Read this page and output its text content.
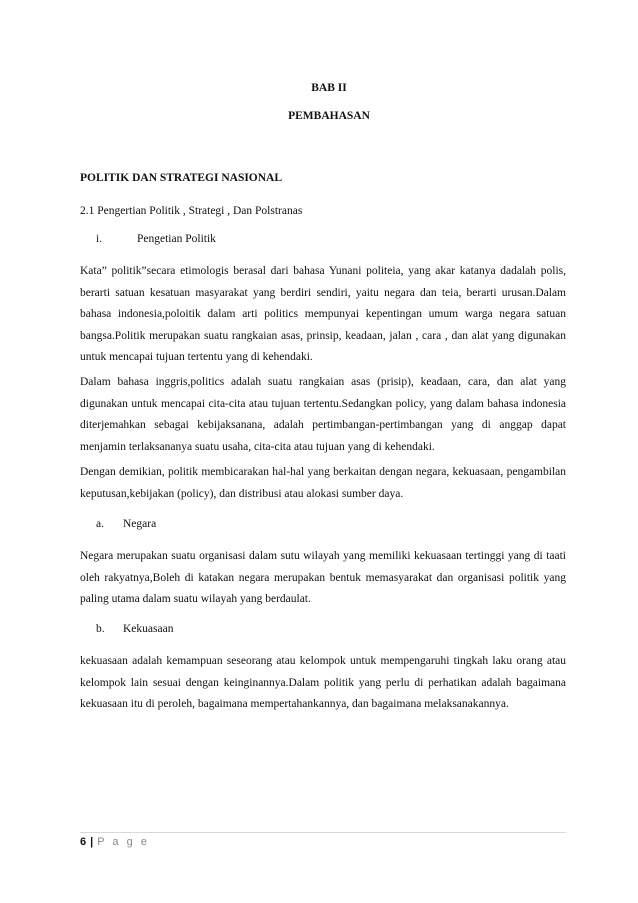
BAB II
PEMBAHASAN
POLITIK DAN STRATEGI NASIONAL
2.1 Pengertian Politik , Strategi , Dan Polstranas
i.	Pengetian Politik
Kata” politik”secara etimologis berasal dari bahasa Yunani politeia, yang akar katanya dadalah polis, berarti satuan kesatuan masyarakat yang berdiri sendiri, yaitu negara dan teia, berarti urusan.Dalam bahasa indonesia,poloitik dalam arti politics mempunyai kepentingan umum warga negara satuan bangsa.Politik merupakan suatu rangkaian asas, prinsip, keadaan, jalan , cara , dan alat yang digunakan untuk mencapai tujuan tertentu yang di kehendaki.
Dalam bahasa inggris,politics adalah suatu rangkaian asas (prisip), keadaan, cara, dan alat yang digunakan untuk mencapai cita-cita atau tujuan tertentu.Sedangkan policy, yang dalam bahasa indonesia diterjemahkan sebagai kebijaksanana, adalah pertimbangan-pertimbangan yang di anggap dapat menjamin terlaksananya suatu usaha, cita-cita atau tujuan yang di kehendaki.
Dengan demikian, politik membicarakan hal-hal yang berkaitan dengan negara, kekuasaan, pengambilan keputusan,kebijakan (policy), dan distribusi atau alokasi sumber daya.
a. Negara
Negara merupakan suatu organisasi dalam sutu wilayah yang memiliki kekuasaan tertinggi yang di taati oleh rakyatnya,Boleh di katakan negara merupakan bentuk memasyarakat dan organisasi politik yang paling utama dalam suatu wilayah yang berdaulat.
b. Kekuasaan
kekuasaan adalah kemampuan seseorang atau kelompok untuk mempengaruhi tingkah laku orang atau kelompok lain sesuai dengan keinginannya.Dalam politik yang perlu di perhatikan adalah bagaimana kekuasaan itu di peroleh, bagaimana mempertahankannya, dan bagaimana melaksanakannya.
6 | P a g e
